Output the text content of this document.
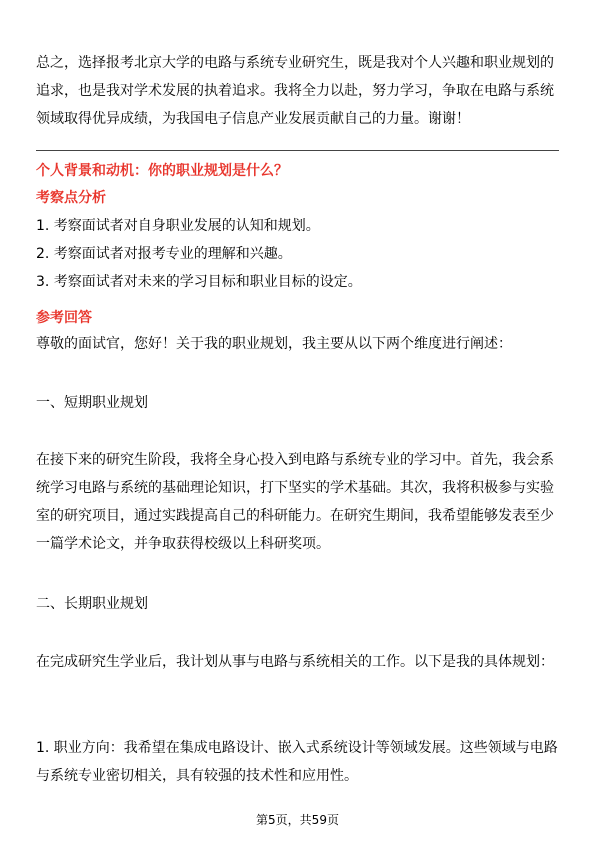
总之，选择报考北京大学的电路与系统专业研究生，既是我对个人兴趣和职业规划的追求，也是我对学术发展的执着追求。我将全力以赴，努力学习，争取在电路与系统领域取得优异成绩，为我国电子信息产业发展贡献自己的力量。谢谢！

个人背景和动机：你的职业规划是什么？

考察点分析

1. 考察面试者对自身职业发展的认知和规划。

2. 考察面试者对报考专业的理解和兴趣。

3. 考察面试者对未来的学习目标和职业目标的设定。

参考回答

尊敬的面试官，您好！关于我的职业规划，我主要从以下两个维度进行阐述：

一、短期职业规划

在接下来的研究生阶段，我将全身心投入到电路与系统专业的学习中。首先，我会系统学习电路与系统的基础理论知识，打下坚实的学术基础。其次，我将积极参与实验室的研究项目，通过实践提高自己的科研能力。在研究生期间，我希望能够发表至少一篇学术论文，并争取获得校级以上科研奖项。

二、长期职业规划

在完成研究生学业后，我计划从事与电路与系统相关的工作。以下是我的具体规划：

1. 职业方向：我希望在集成电路设计、嵌入式系统设计等领域发展。这些领域与电路与系统专业密切相关，具有较强的技术性和应用性。

第5页，共59页
